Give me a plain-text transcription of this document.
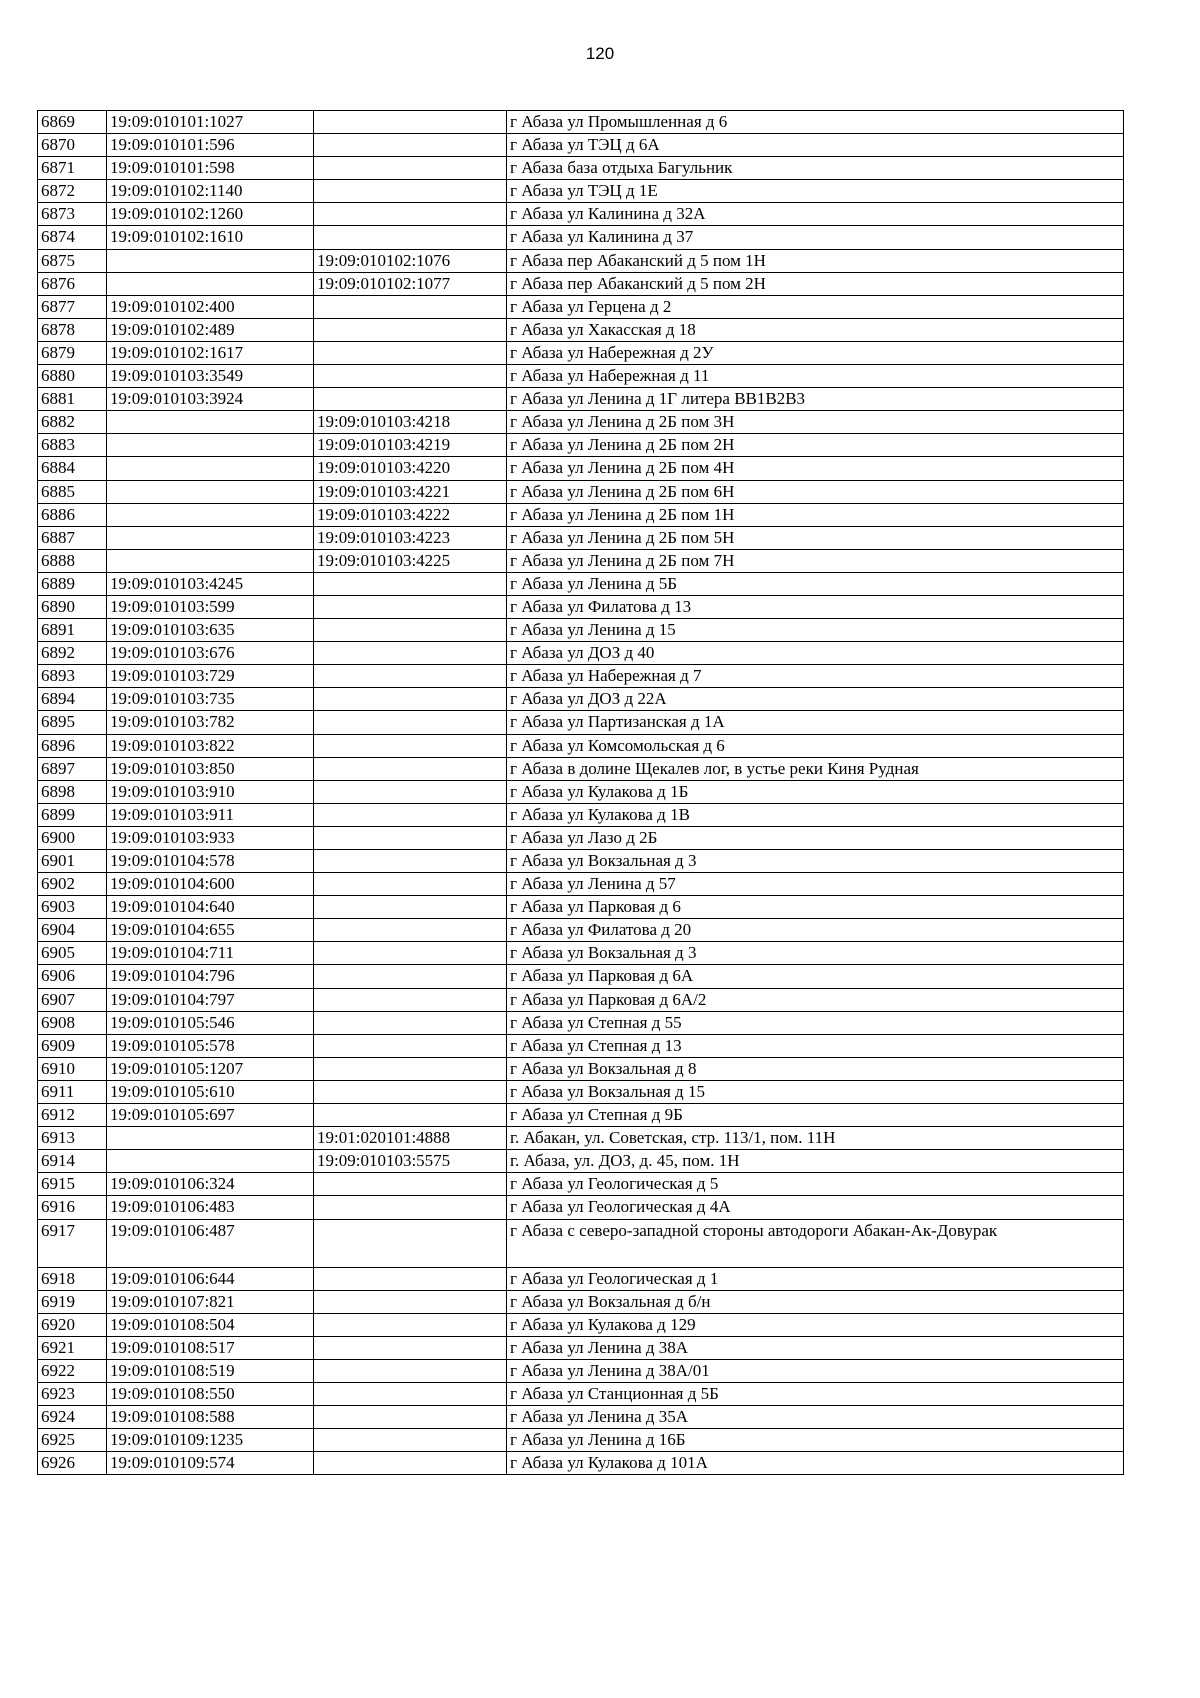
120
6869	19:09:010101:1027		г Абаза ул Промышленная д 6
6870	19:09:010101:596		г Абаза ул ТЭЦ д 6А
6871	19:09:010101:598		г Абаза база отдыха Багульник
6872	19:09:010102:1140		г Абаза ул ТЭЦ д 1Е
6873	19:09:010102:1260		г Абаза ул Калинина д 32А
6874	19:09:010102:1610		г Абаза ул Калинина д 37
6875		19:09:010102:1076	г Абаза пер Абаканский д 5 пом 1Н
6876		19:09:010102:1077	г Абаза пер Абаканский д 5 пом 2Н
6877	19:09:010102:400		г Абаза ул Герцена д 2
6878	19:09:010102:489		г Абаза ул Хакасская д 18
6879	19:09:010102:1617		г Абаза ул Набережная д 2У
6880	19:09:010103:3549		г Абаза ул Набережная д 11
6881	19:09:010103:3924		г Абаза ул Ленина д 1Г литера ВВ1В2В3
6882		19:09:010103:4218	г Абаза ул Ленина д 2Б пом 3Н
6883		19:09:010103:4219	г Абаза ул Ленина д 2Б пом 2Н
6884		19:09:010103:4220	г Абаза ул Ленина д 2Б пом 4Н
6885		19:09:010103:4221	г Абаза ул Ленина д 2Б пом 6Н
6886		19:09:010103:4222	г Абаза ул Ленина д 2Б пом 1Н
6887		19:09:010103:4223	г Абаза ул Ленина д 2Б пом 5Н
6888		19:09:010103:4225	г Абаза ул Ленина д 2Б пом 7Н
6889	19:09:010103:4245		г Абаза ул Ленина д 5Б
6890	19:09:010103:599		г Абаза ул Филатова д 13
6891	19:09:010103:635		г Абаза ул Ленина д 15
6892	19:09:010103:676		г Абаза ул ДОЗ д 40
6893	19:09:010103:729		г Абаза ул Набережная д 7
6894	19:09:010103:735		г Абаза ул ДОЗ д 22А
6895	19:09:010103:782		г Абаза ул Партизанская д 1А
6896	19:09:010103:822		г Абаза ул Комсомольская д 6
6897	19:09:010103:850		г Абаза в долине Щекалев лог, в устье реки Киня Рудная
6898	19:09:010103:910		г Абаза ул Кулакова д 1Б
6899	19:09:010103:911		г Абаза ул Кулакова д 1В
6900	19:09:010103:933		г Абаза ул Лазо д 2Б
6901	19:09:010104:578		г Абаза ул Вокзальная д 3
6902	19:09:010104:600		г Абаза ул Ленина д 57
6903	19:09:010104:640		г Абаза ул Парковая д 6
6904	19:09:010104:655		г Абаза ул Филатова д 20
6905	19:09:010104:711		г Абаза ул Вокзальная д 3
6906	19:09:010104:796		г Абаза ул Парковая д 6А
6907	19:09:010104:797		г Абаза ул Парковая д 6А/2
6908	19:09:010105:546		г Абаза ул Степная д 55
6909	19:09:010105:578		г Абаза ул Степная д 13
6910	19:09:010105:1207		г Абаза ул Вокзальная д 8
6911	19:09:010105:610		г Абаза ул Вокзальная д 15
6912	19:09:010105:697		г Абаза ул Степная д 9Б
6913		19:01:020101:4888	г. Абакан, ул. Советская, стр. 113/1, пом. 11Н
6914		19:09:010103:5575	г. Абаза, ул. ДОЗ, д. 45, пом. 1Н
6915	19:09:010106:324		г Абаза ул Геологическая д 5
6916	19:09:010106:483		г Абаза ул Геологическая д 4А
6917	19:09:010106:487		г Абаза с северо-западной стороны автодороги Абакан-Ак-Довурак
6918	19:09:010106:644		г Абаза ул Геологическая д 1
6919	19:09:010107:821		г Абаза ул Вокзальная д б/н
6920	19:09:010108:504		г Абаза ул Кулакова д 129
6921	19:09:010108:517		г Абаза ул Ленина д 38А
6922	19:09:010108:519		г Абаза ул Ленина д 38А/01
6923	19:09:010108:550		г Абаза ул Станционная д 5Б
6924	19:09:010108:588		г Абаза ул Ленина д 35А
6925	19:09:010109:1235		г Абаза ул Ленина д 16Б
6926	19:09:010109:574		г Абаза ул Кулакова д 101А
